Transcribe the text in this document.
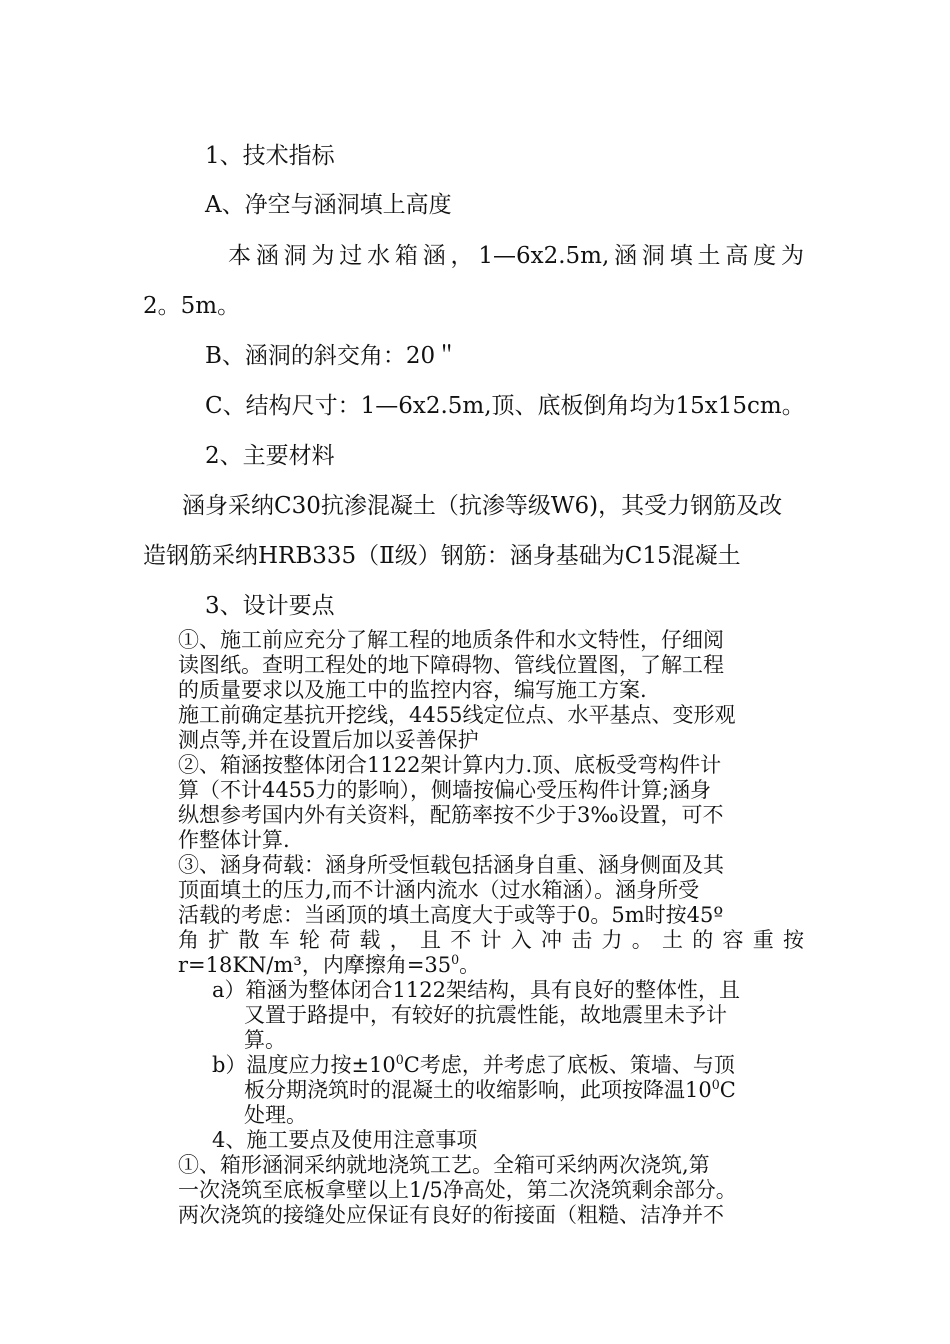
1、技术指标
A、净空与涵洞填上高度
本涵洞为过水箱涵，1—6x2.5m,涵洞填土高度为
2。5m。
B、涵洞的斜交角：20＂
C、结构尺寸：1—6x2.5m,顶、底板倒角均为15x15cm。
2、主要材料
涵身采纳C30抗渗混凝土（抗渗等级W6)，其受力钢筋及改
造钢筋采纳HRB335（Ⅱ级）钢筋：涵身基础为C15混凝土
3、设计要点
①、施工前应充分了解工程的地质条件和水文特性，仔细阅
读图纸。查明工程处的地下障碍物、管线位置图，了解工程
的质量要求以及施工中的监控内容，编写施工方案.
施工前确定基抗开挖线，4455线定位点、水平基点、变形观
测点等,并在设置后加以妥善保护
②、箱涵按整体闭合1122架计算内力.顶、底板受弯构件计
算（不计4455力的影响），侧墙按偏心受压构件计算;涵身
纵想参考国内外有关资料，配筋率按不少于3‰设置，可不
作整体计算.
③、涵身荷载：涵身所受恒载包括涵身自重、涵身侧面及其
顶面填土的压力,而不计涵内流水（过水箱涵）。涵身所受
活载的考虑：当函顶的填土高度大于或等于0。5m时按45º
角扩散车轮荷载，且不计入冲击力。土的容重按
r=18KN/m³，内摩擦角$=35^0$。
a）箱涵为整体闭合1122架结构，具有良好的整体性，且
又置于路提中，有较好的抗震性能，故地震里未予计
算。
b）温度应力按$\pm 10^0C$考虑，并考虑了底板、策墙、与顶
板分期浇筑时的混凝土的收缩影响，此项按降温$10^0C$
处理。
4、施工要点及使用注意事项
①、箱形涵洞采纳就地浇筑工艺。全箱可采纳两次浇筑,第
一次浇筑至底板拿壁以上1/5净高处，第二次浇筑剩余部分。
两次浇筑的接缝处应保证有良好的衔接面（粗糙、洁净并不
